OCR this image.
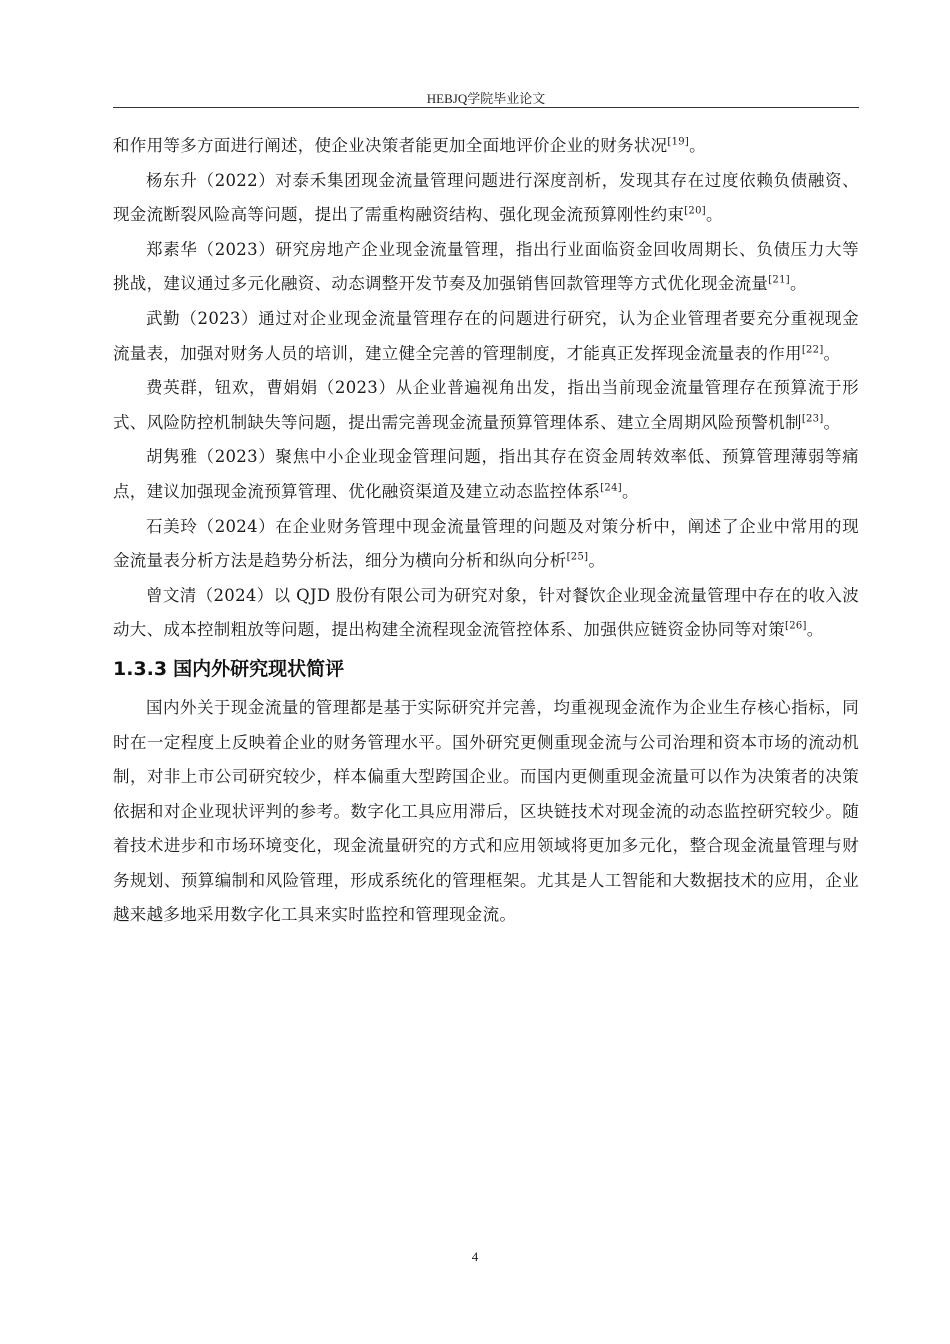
HEBJQ学院毕业论文

和作用等多方面进行阐述，使企业决策者能更加全面地评价企业的财务状况[19]。

杨东升（2022）对泰禾集团现金流量管理问题进行深度剖析，发现其存在过度依赖负债融资、现金流断裂风险高等问题，提出了需重构融资结构、强化现金流预算刚性约束[20]。

郑素华（2023）研究房地产企业现金流量管理，指出行业面临资金回收周期长、负债压力大等挑战，建议通过多元化融资、动态调整开发节奏及加强销售回款管理等方式优化现金流量[21]。

武勤（2023）通过对企业现金流量管理存在的问题进行研究，认为企业管理者要充分重视现金流量表，加强对财务人员的培训，建立健全完善的管理制度，才能真正发挥现金流量表的作用[22]。

费英群，钮欢，曹娟娟（2023）从企业普遍视角出发，指出当前现金流量管理存在预算流于形式、风险防控机制缺失等问题，提出需完善现金流量预算管理体系、建立全周期风险预警机制[23]。

胡隽雅（2023）聚焦中小企业现金管理问题，指出其存在资金周转效率低、预算管理薄弱等痛点，建议加强现金流预算管理、优化融资渠道及建立动态监控体系[24]。

石美玲（2024）在企业财务管理中现金流量管理的问题及对策分析中，阐述了企业中常用的现金流量表分析方法是趋势分析法，细分为横向分析和纵向分析[25]。

曾文清（2024）以 QJD 股份有限公司为研究对象，针对餐饮企业现金流量管理中存在的收入波动大、成本控制粗放等问题，提出构建全流程现金流管控体系、加强供应链资金协同等对策[26]。

1.3.3 国内外研究现状简评

国内外关于现金流量的管理都是基于实际研究并完善，均重视现金流作为企业生存核心指标，同时在一定程度上反映着企业的财务管理水平。国外研究更侧重现金流与公司治理和资本市场的流动机制，对非上市公司研究较少，样本偏重大型跨国企业。而国内更侧重现金流量可以作为决策者的决策依据和对企业现状评判的参考。数字化工具应用滞后，区块链技术对现金流的动态监控研究较少。随着技术进步和市场环境变化，现金流量研究的方式和应用领域将更加多元化，整合现金流量管理与财务规划、预算编制和风险管理，形成系统化的管理框架。尤其是人工智能和大数据技术的应用，企业越来越多地采用数字化工具来实时监控和管理现金流。

4
